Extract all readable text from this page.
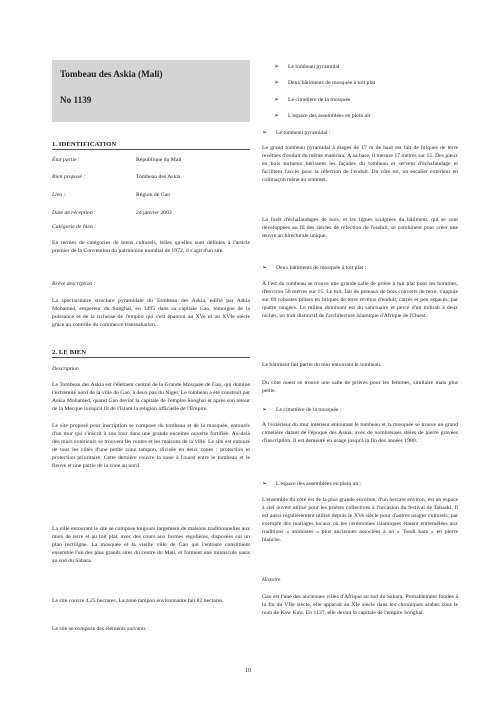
Tombeau des Askia (Mali)
No 1139
1. IDENTIFICATION
État partie :	République du Mali
Bien proposé :	Tombeau des Askia
Lieu :	Région de Gao
Date de réception :	24 janvier 2003
Catégorie de bien :

En termes de catégories de biens culturels, telles qu'elles sont définies à l'article premier de la Convention du patrimoine mondial de 1972, il s'agit d'un site.

Brève description :

La spectaculaire structure pyramidale du Tombeau des Askia, édifié par Askia Mohamed, empereur du Songhaï, en 1495 dans sa capitale Gao, témoigne de la puissance et de la richesse de l'empire qui s'est épanoui au XVe et au XVIe siècle grâce au contrôle du commerce transsaharien.

2. LE BIEN
Description

Le Tombeau des Askia est l'élément central de la Grande Mosquée de Gao, qui domine l'extrémité nord de la ville de Gao, à deux pas du Niger. Le tombeau a été construit par Askia Mohamed, quand Gao devint la capitale de l'empire Songhaï et après son retour de la Mecque lorsqu'il fit de l'Islam la religion officielle de l'Empire.

Le site proposé pour inscription se compose du tombeau et de la mosquée, entourés d'un mur qui s'inscrit à son tour dans une grande enceinte ouverte fortifiée. Au-delà des murs extérieurs se trouvent les routes et les maisons de la ville. Le site est entouré de tous les côtés d'une petite zone tampon, divisée en deux zones : protection et protection prioritaire. Cette dernière couvre la zone à l'ouest entre le tombeau et le fleuve et une partie de la zone au nord.

La ville entourant le site se compose toujours largement de maisons traditionnelles aux murs de terre et au toit plat, avec des cours aux formes régulières, disposées sur un plan rectiligne. La mosquée et la vieille ville de Gao qui l'entoure constituent ensemble l'un des plus grands sites du centre du Mali, et forment une minuscule oasis au sud du Sahara.

Le site couvre 4,25 hectares. La zone tampon environnante fait 82 hectares.

Le site se compose des éléments suivants :

➢ Le tombeau pyramidal
➢ Deux bâtiments de mosquée à toit plat
➢ Le cimetière de la mosquée
➢ L'espace des assemblées en plein air
➢ Le tombeau pyramidal :

Le grand tombeau pyramidal à étages de 17 m de haut est fait de briques de terre revêtues d'enduit du même matériau. À sa base, il mesure 17 mètres sur 15. Des pieux en bois tortueux hérissent les façades du tombeau et servent d'échafaudage et facilitent l'accès pour la réfection de l'enduit. Du côté est, un escalier extérieur en colimaçon mène au sommet.

La forêt d'échafaudages de bois, et les lignes sculptées du bâtiment, qui se sont développées au fil des siècles de réfection de l'enduit, se combinent pour créer une œuvre architecturale unique.

➢ Deux bâtiments de mosquée à toit plat :

À l'est du tombeau se trouve une grande salle de prière à toit plat pour les hommes, d'environ 50 mètres sur 15. Le toit, fait de poteaux de bois couverts de terre, s'appuie sur 69 robustes piliers en briques de terre revêtus d'enduit, carrés et peu espacés, par quatre rangées. Le milieu dominant est du sanctuaire et percé d'un mihrab à deux niches, un trait distinctif de l'architecture islamique d'Afrique de l'Ouest.

Le bâtiment fait partie du mur entourant le tombeau.

Du côté ouest se trouve une salle de prières pour les femmes, similaire mais plus petite.

➢ Le cimetière de la mosquée :

À l'extérieur du mur intérieur entourant le tombeau et la mosquée se trouve un grand cimetière datant de l'époque des Askia, avec de nombreuses stèles de pierre gravées d'inscription. Il est demeuré en usage jusqu'à la fin des années 1980.

➢ L'espace des assemblées en plein air :

L'ensemble du côté est de la plus grande enceinte, d'un hectare environ, est un espace à ciel ouvert utilisé pour les prières collectives à l'occasion du festival de Tabaski. Il est aussi régulièrement utilisé depuis le XVe siècle pour d'autres usages culturels, par exemple des mariages locaux où les cérémonies islamiques étaient entremêlées aux traditions « animistes » plus anciennes associées à un « Tondi kara » en pierre blanche.

Histoire

Gao est l'une des anciennes villes d'Afrique au sud du Sahara. Probablement fondée à la fin du VIIe siècle, elle apparaît au XIe siècle dans les chroniques arabes sous le nom de Kaw Kaw. En 1137, elle devint la capitale de l'empire Songhaï.

10
